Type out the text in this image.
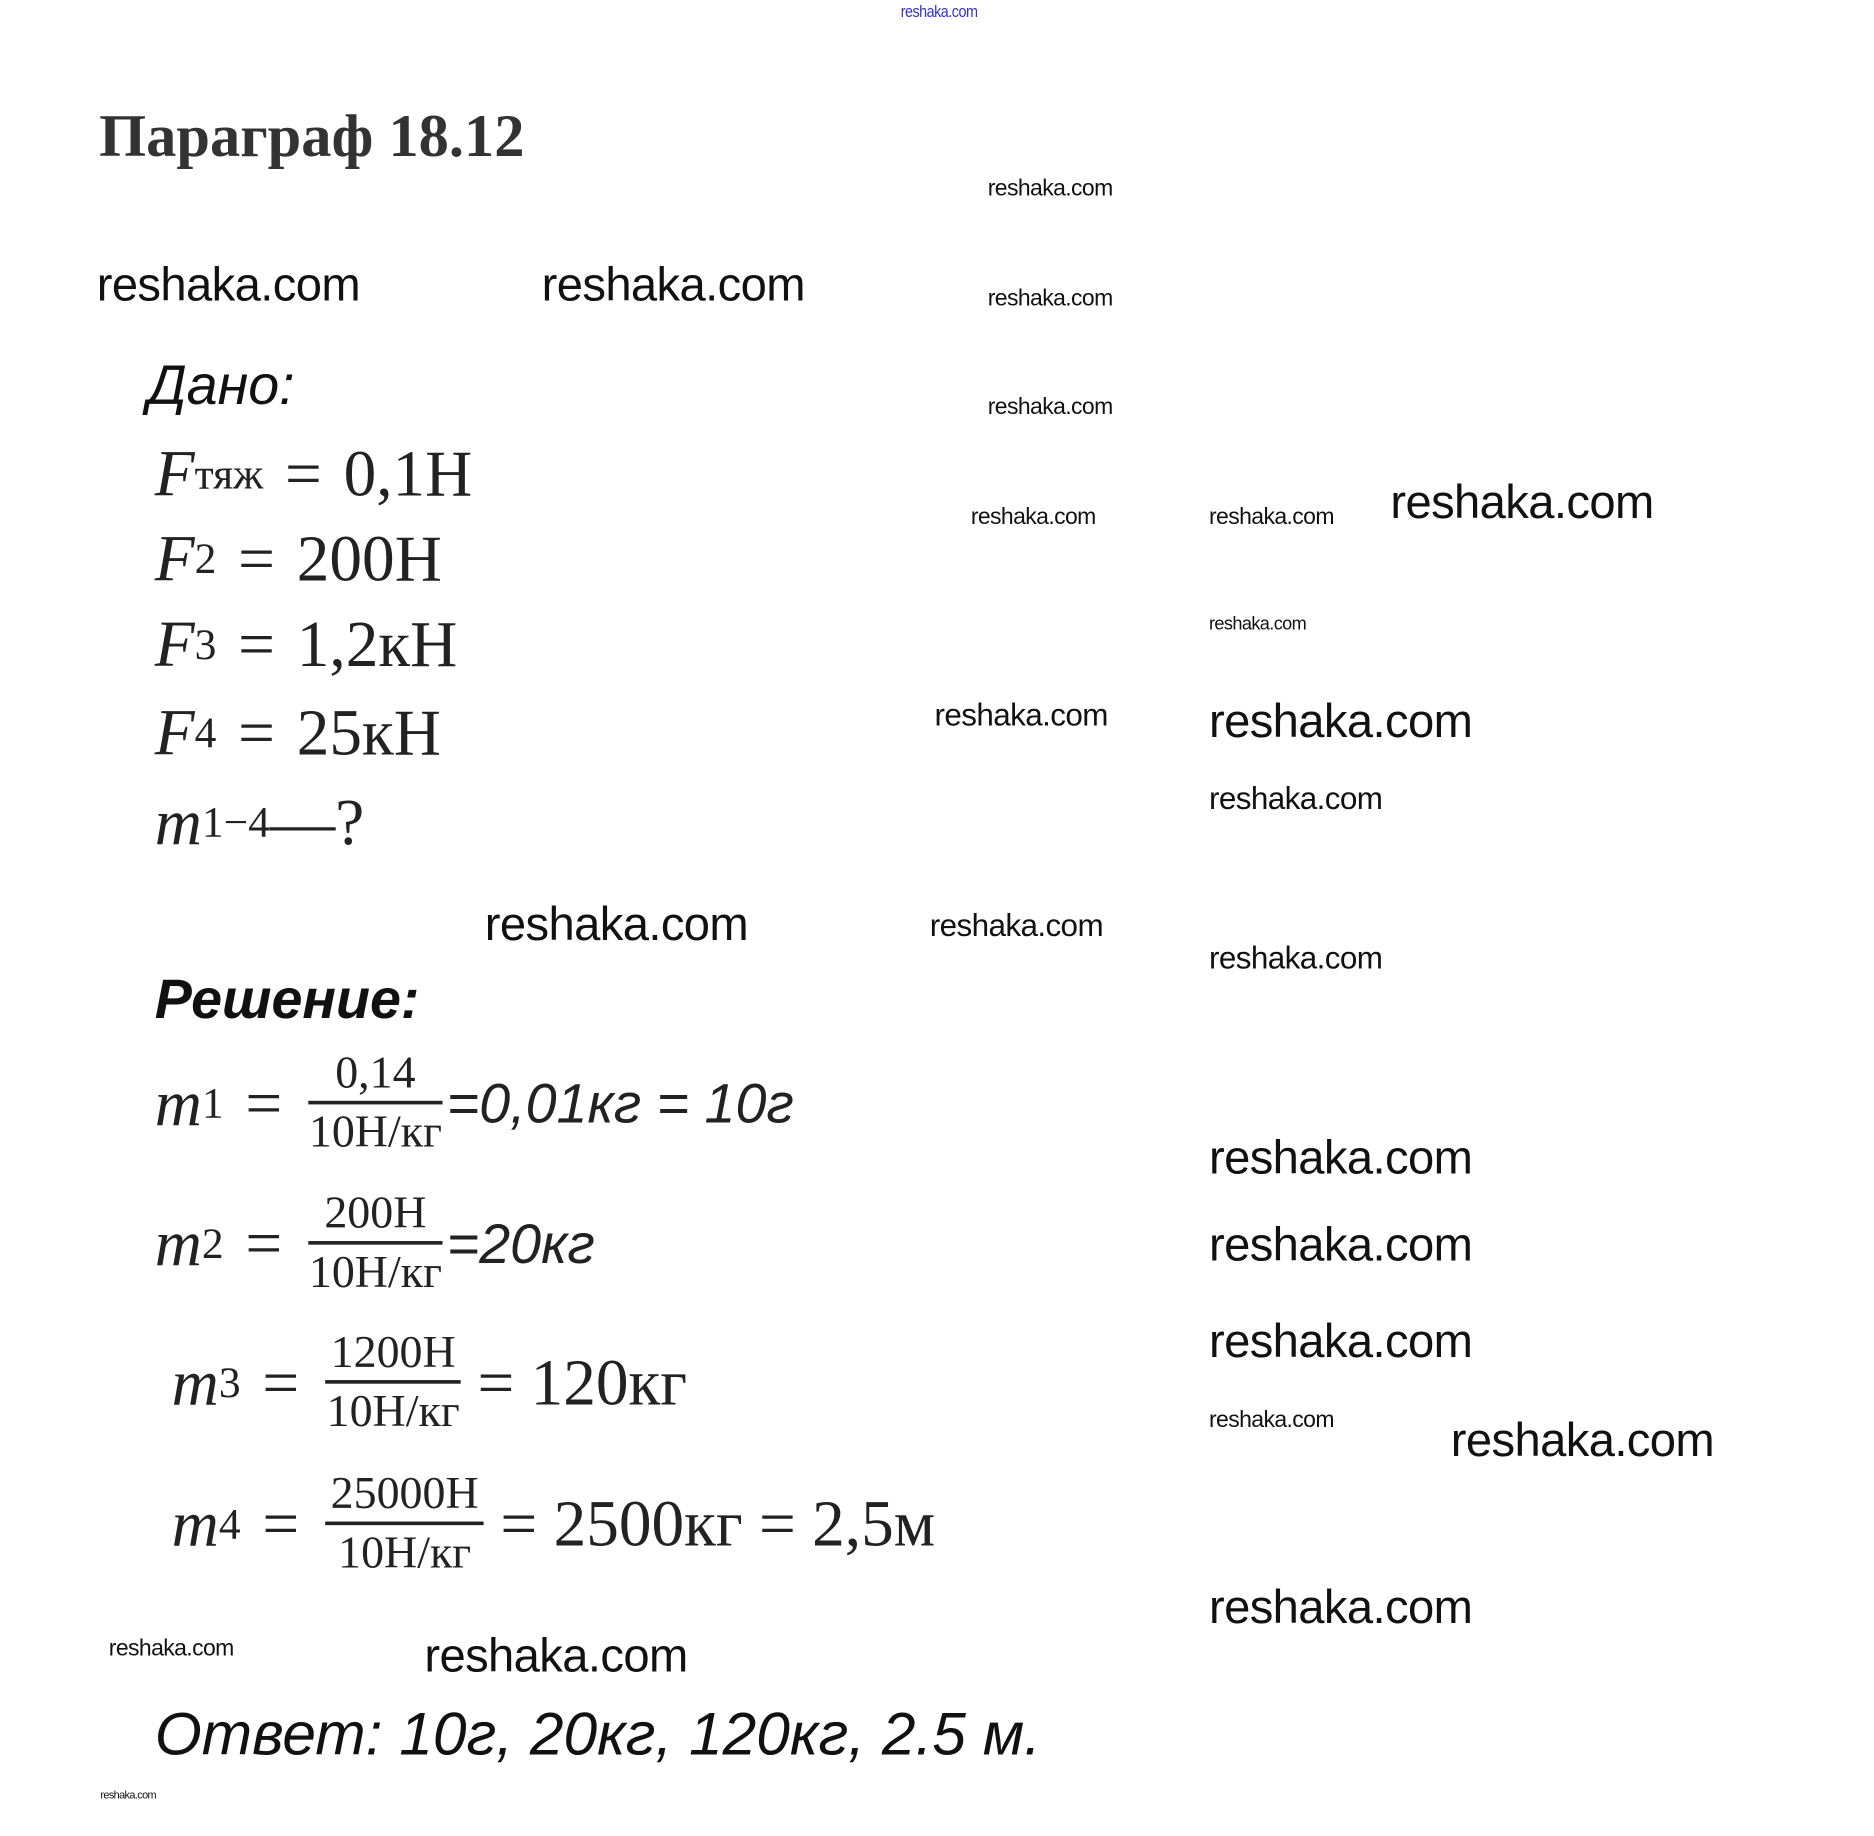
reshaka.com
Параграф 18.12
reshaka.com
reshaka.com	reshaka.com	reshaka.com
reshaka.com
Дано:
F тяж = 0,1Н
F 2 = 200Н
F 3 = 1,2кН
F 4 = 25кН
m 1−4 —?
reshaka.com reshaka.com
reshaka.com
reshaka.com
reshaka.com
reshaka.com
reshaka.com
reshaka.com
reshaka.com	reshaka.com
Решение:
m $1 = \frac{0,14}{10Н/кг} =0,01кг = 10г$
m $2 = \frac{200Н}{10Н/кг} =20кг$
m $3 = \frac{1200Н}{10Н/кг} = 120кг$
m $4 = \frac{25000Н}{10Н/кг} = 2500кг = 2,5м$
reshaka.com
reshaka.com
reshaka.com
reshaka.com	reshaka.com
reshaka.com
reshaka.com	reshaka.com
reshaka.com
Ответ: 10г, 20кг, 120кг, 2.5 м.
